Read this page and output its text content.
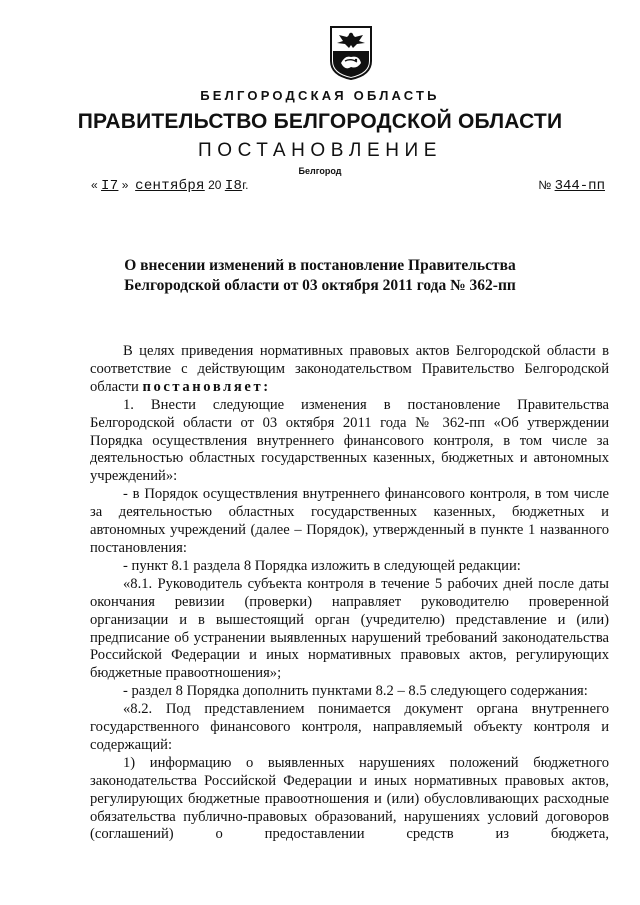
БЕЛГОРОДСКАЯ ОБЛАСТЬ
ПРАВИТЕЛЬСТВО БЕЛГОРОДСКОЙ ОБЛАСТИ
ПОСТАНОВЛЕНИЕ
Белгород
« I7 » сентября 20 I8г.	№ 344-пп
О внесении изменений в постановление Правительства
Белгородской области от 03 октября 2011 года № 362-пп

В целях приведения нормативных правовых актов Белгородской области в соответствие с действующим законодательством Правительство Белгородской области постановляет:

1. Внести следующие изменения в постановление Правительства Белгородской области от 03 октября 2011 года № 362-пп «Об утверждении Порядка осуществления внутреннего финансового контроля, в том числе за деятельностью областных государственных казенных, бюджетных и автономных учреждений»:

- в Порядок осуществления внутреннего финансового контроля, в том числе за деятельностью областных государственных казенных, бюджетных и автономных учреждений (далее – Порядок), утвержденный в пункте 1 названного постановления:

- пункт 8.1 раздела 8 Порядка изложить в следующей редакции:

«8.1. Руководитель субъекта контроля в течение 5 рабочих дней после даты окончания ревизии (проверки) направляет руководителю проверенной организации и в вышестоящий орган (учредителю) представление и (или) предписание об устранении выявленных нарушений требований законодательства Российской Федерации и иных нормативных правовых актов, регулирующих бюджетные правоотношения»;

- раздел 8 Порядка дополнить пунктами 8.2 – 8.5 следующего содержания:

«8.2. Под представлением понимается документ органа внутреннего государственного финансового контроля, направляемый объекту контроля и содержащий:

1) информацию о выявленных нарушениях положений бюджетного законодательства Российской Федерации и иных нормативных правовых актов, регулирующих бюджетные правоотношения и (или) обусловливающих расходные обязательства публично-правовых образований, нарушениях условий договоров (соглашений) о предоставлении средств из бюджета,
